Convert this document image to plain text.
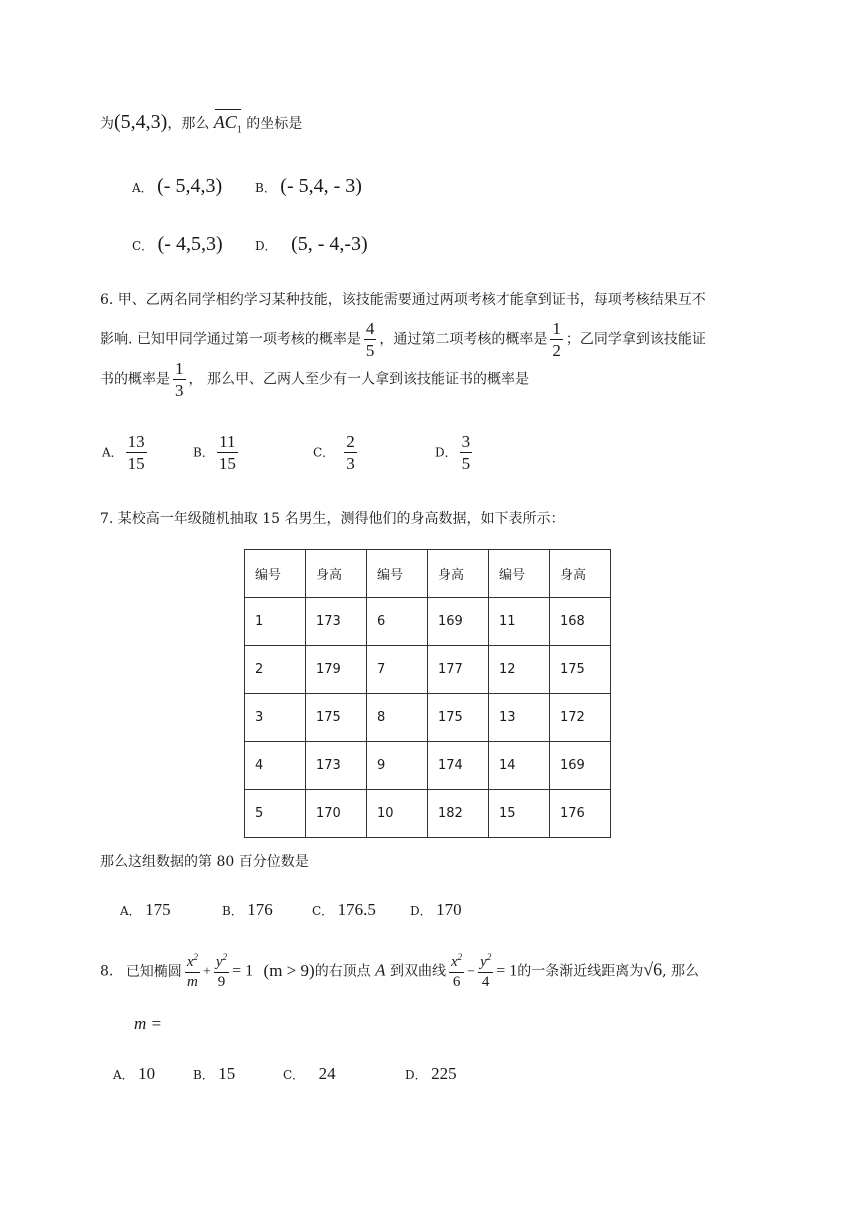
为(5,4,3)，那么 $AC_1$ 的坐标是
A． (- 5,4,3)	B． (- 5,4, - 3)
C． (- 4,5,3)	D． (5, - 4,-3)
6. 甲、乙两名同学相约学习某种技能，该技能需要通过两项考核才能拿到证书，每项考核结果互不
影响. 已知甲同学通过第一项考核的概率是 $\frac{4}{5}$ ，通过第二项考核的概率是 $\frac{1}{2}$ ；乙同学拿到该技能证
书的概率是 $\frac{1}{3}$ ， 那么甲、乙两人至少有一人拿到该技能证书的概率是
A． $\frac{13}{15}$	B． $\frac{11}{15}$	C． $\frac{2}{3}$	D． $\frac{3}{5}$
7. 某校高一年级随机抽取 15 名男生，测得他们的身高数据，如下表所示：
编号	身高	编号	身高	编号	身高
1	173	6	169	11	168
2	179	7	177	12	175
3	175	8	175	13	172
4	173	9	174	14	169
5	170	10	182	15	176
那么这组数据的第 80 百分位数是
A． 175	B． 176	C． 176.5	D． 170
8. 已知椭圆 $\frac{x^2}{m} + \frac{y^2}{9} = 1$ (m > 9)的右顶点 A 到双曲线 $\frac{x^2}{6} - \frac{y^2}{4} = 1$的一条渐近线距离为√6, 那么
m =
A． 10	B． 15	C． 24	D． 225
